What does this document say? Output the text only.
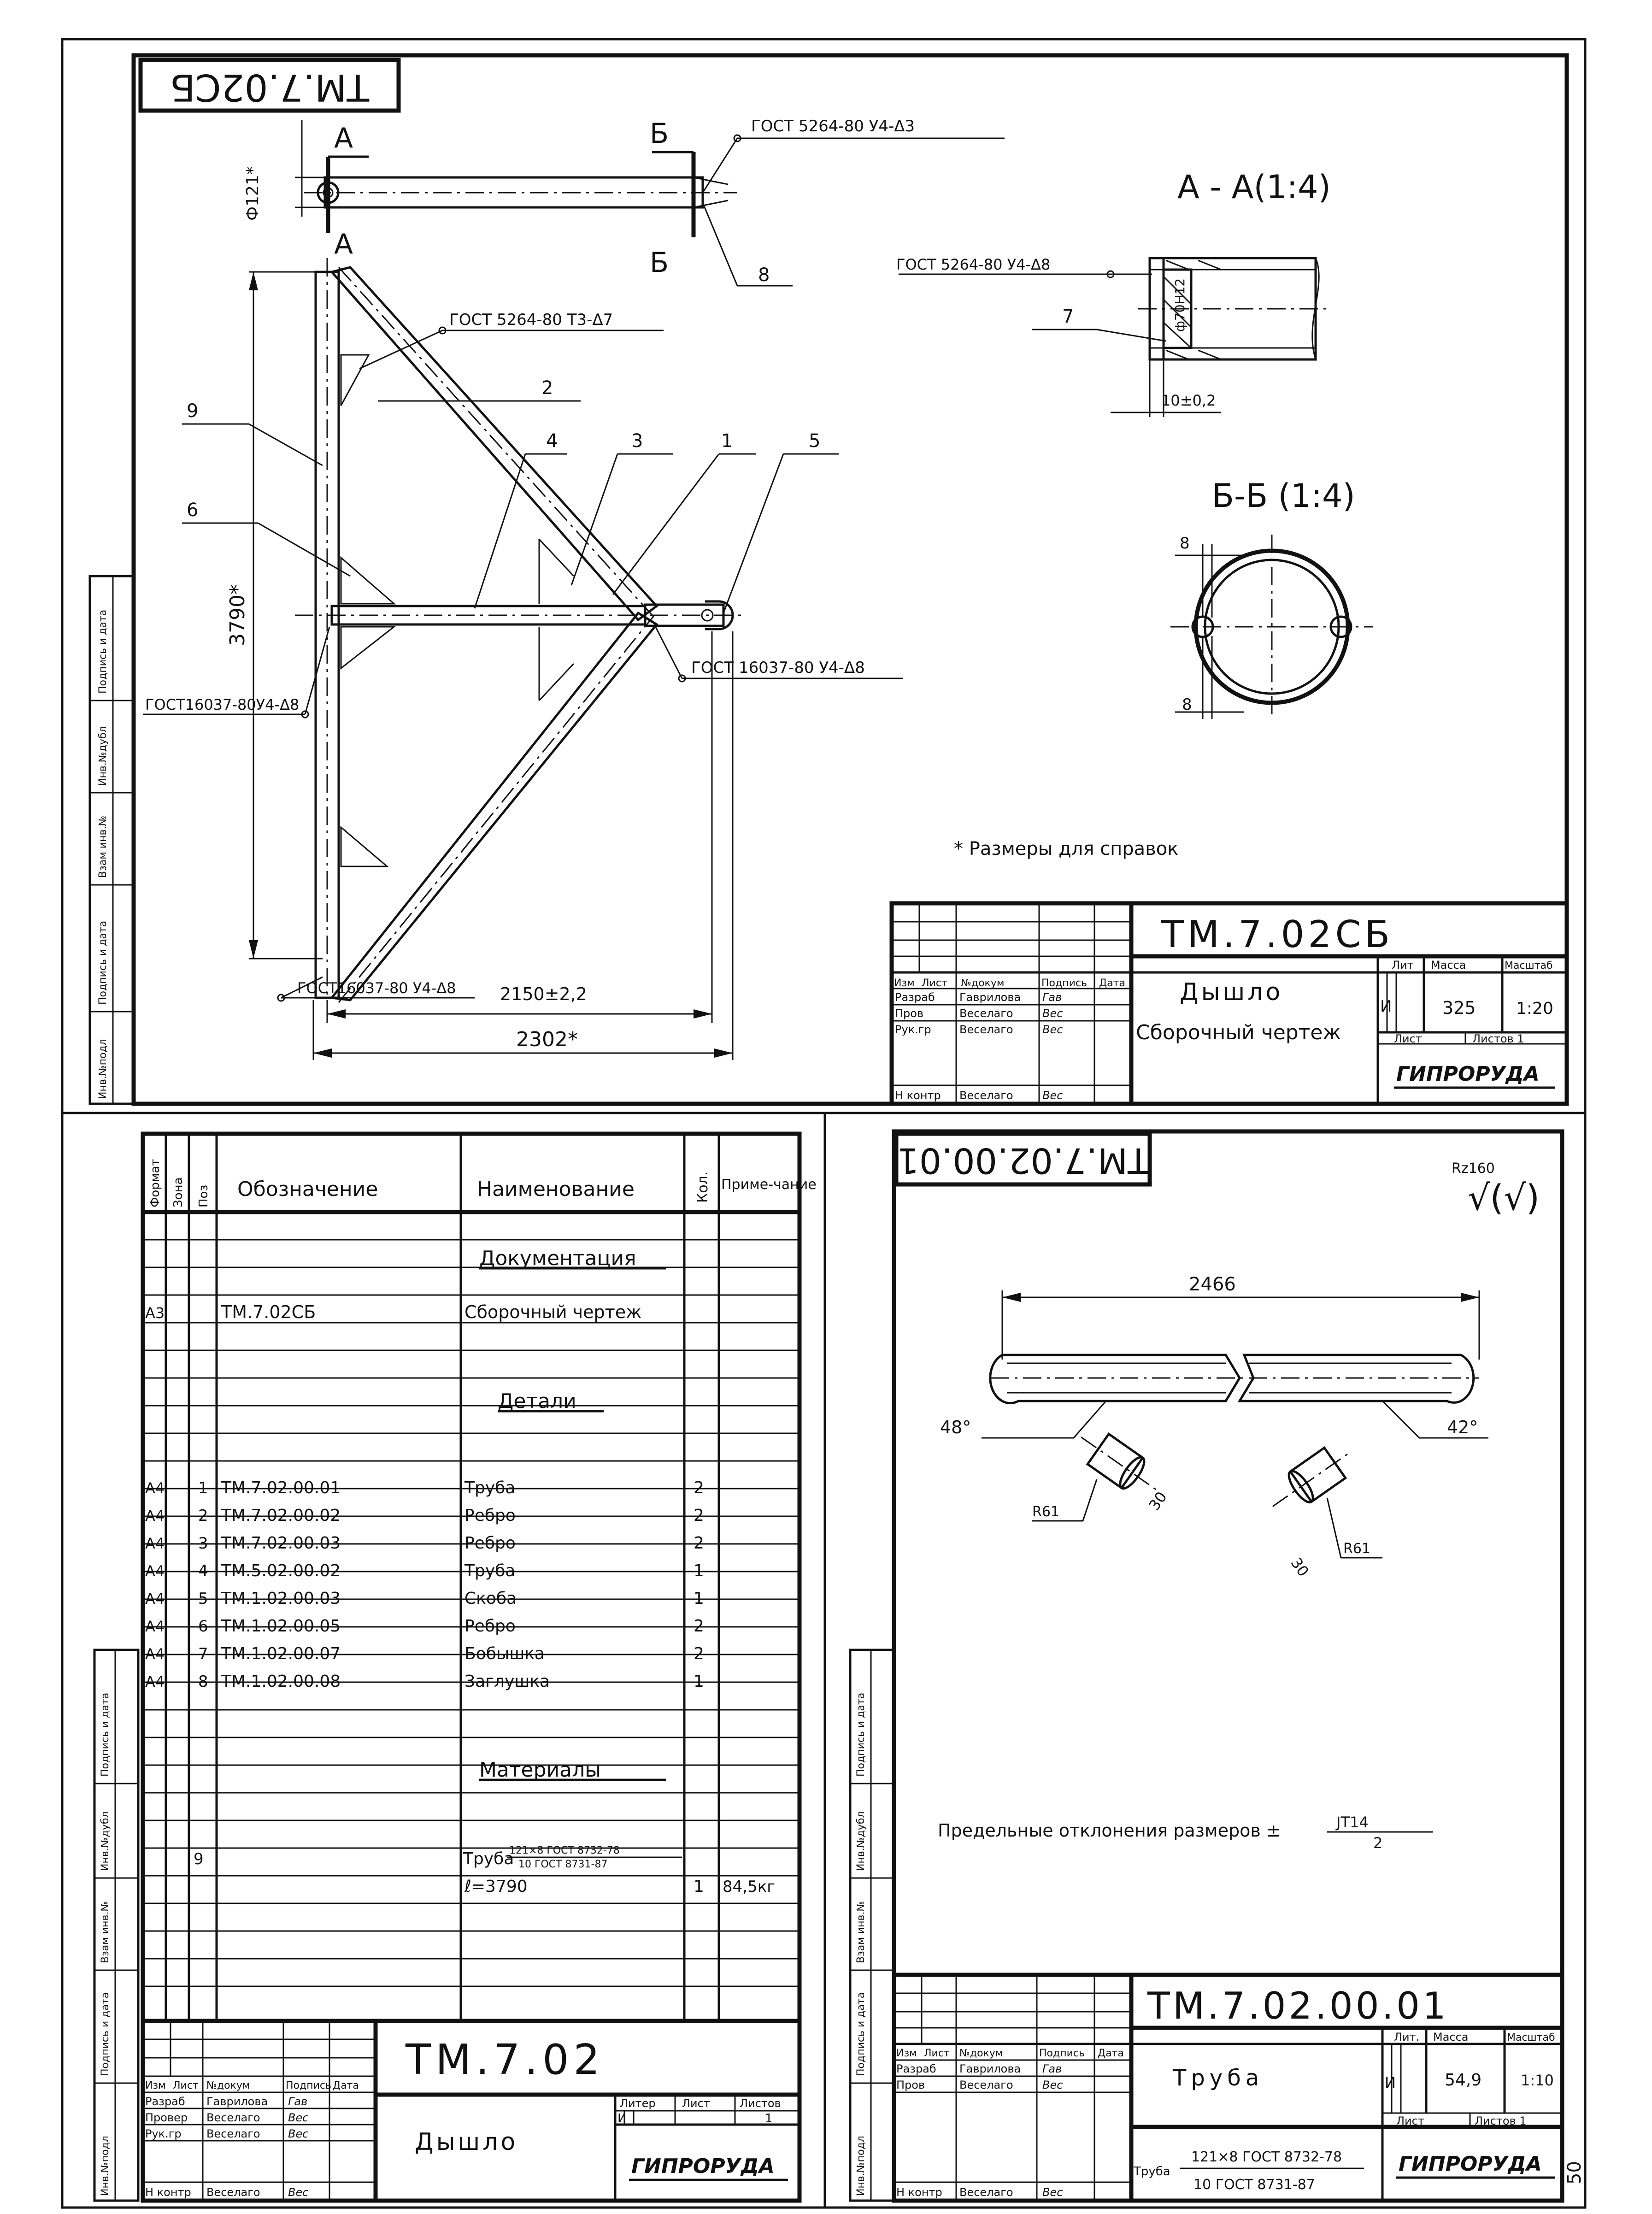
Подпись и дата
Инв.№дубл
Взам инв.№
Подпись и дата
Инв.№подл
ТМ.7.02СБ
Ф121*
А
А
Б
Б
ГОСТ 5264-80 У4-Δ3
8
ГОСТ 5264-80 Т3-Δ7
2
9
4	3	1	5
6
ГОСТ 16037-80 У4-Δ8
ГОСТ16037-80У4-Δ8
ГОСТ16037-80 У4-Δ8
3790*
2150±2,2
2302*
А - А(1:4)
ф70Н12
ГОСТ 5264-80 У4-Δ8
7
10±0,2
Б-Б (1:4)
8
8
* Размеры для справок
Изм Лист №докум	Подпись Дата
Разраб Гаврилова Гав
Пров	Веселаго	Вес
Рук.гр	Веселаго	Вес
Н контр Веселаго	Вес
ТМ.7.02СБ
Дышло
Сборочный чертеж
Лит Масса	Масштаб
И	325 1:20
Лист	Листов 1
ГИПРОРУДА
Подпись и дата
Инв.№дубл
Взам инв.№
Подпись и дата
Инв.№подл
Формат Зона Поз Обозначение	Наименование	Кол. Приме-чание
Документация
А3	ТМ.7.02СБ	Сборочный чертеж
Детали
Материалы
А4 1 ТМ.7.02.00.01	Труба	2
А4 2 ТМ.7.02.00.02	Ребро	2
А4 3 ТМ.7.02.00.03	Ребро	2
А4 4 ТМ.5.02.00.02	Труба	1
А4 5 ТМ.1.02.00.03	Скоба	1
А4 6 ТМ.1.02.00.05	Ребро	2
А4 7 ТМ.1.02.00.07	Бобышка	2
А4 8 ТМ.1.02.00.08	Заглушка	1
9	Труба
121×8 ГОСТ 8732-78
10 ГОСТ 8731-87
ℓ=3790	1 84,5кг
Изм Лист №докум	Подпись Дата
Разраб Гаврилова Гав
Провер Веселаго	Вес
Рук.гр Веселаго	Вес
Н контр Веселаго	Вес
ТМ.7.02
Дышло
Литер Лист	Листов
И	1
ГИПРОРУДА
Подпись и дата
Инв.№дубл
Взам инв.№
Подпись и дата
Инв.№подл
ТМ.7.02.00.01	Rz160
√(√)
2466
48°	42°
R61	30
R61
30
Предельные отклонения размеров ±	JT14
2
Изм Лист №докум	Подпись Дата
Разраб Гаврилова Гав
Пров	Веселаго	Вес
Н контр Веселаго	Вес
ТМ.7.02.00.01
Труба
Труба
121×8 ГОСТ 8732-78
10 ГОСТ 8731-87
Лит. Масса	Масштаб
И	54,9	1:10
Лист	Листов 1
ГИПРОРУДА 50
